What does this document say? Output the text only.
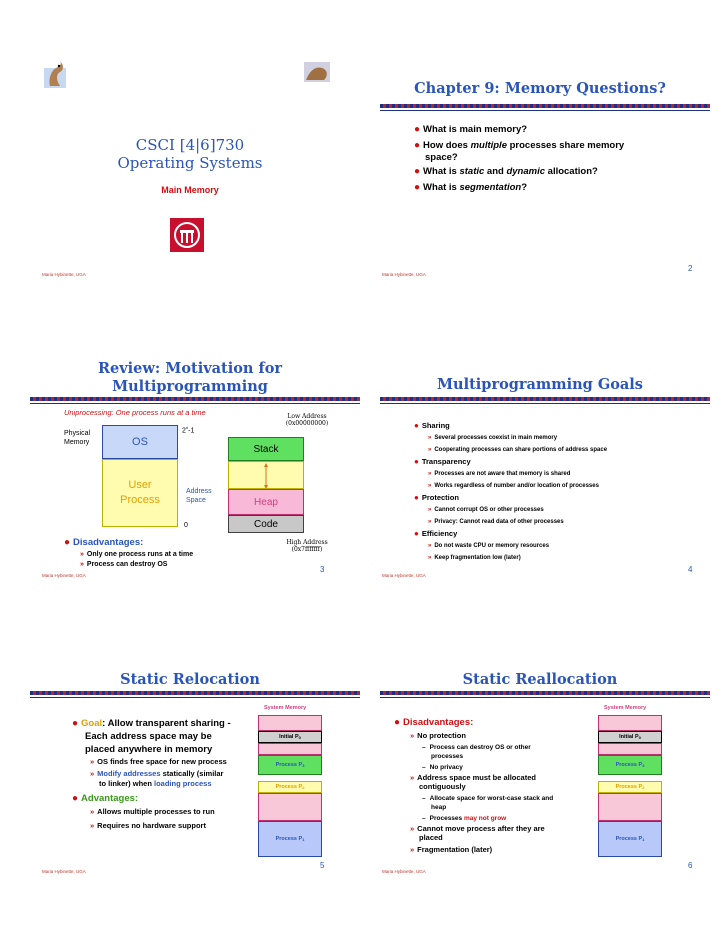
CSCI [4|6]730
Operating Systems
Main Memory
Maria Hybinette, UGA
Chapter 9: Memory Questions?
● What is main memory?
● How does multiple processes share memory
space?
● What is static and dynamic allocation?
● What is segmentation?
2
Maria Hybinette, UGA
Review: Motivation for
Multiprogramming
Uniprocessing: One process runs at a time	Low Address
(0x00000000)
2$^n$-1
Physical
Memory	OS
User
Process
0
Address
Space
Stack
Heap
Code
● Disadvantages:	High Address
(0x7fffffff)
» Only one process runs at a time
» Process can destroy OS
3
Maria Hybinette, UGA
Multiprogramming Goals
● Sharing
» Several processes coexist in main memory
» Cooperating processes can share portions of address space
● Transparency
» Processes are not aware that memory is shared
» Works regardless of number and/or location of processes
● Protection
» Cannot corrupt OS or other processes
» Privacy: Cannot read data of other processes
● Efficiency
» Do not waste CPU or memory resources
» Keep fragmentation low (later)
4
Maria Hybinette, UGA
Static Relocation
System Memory
Initial P 0
Process P 3
Process P 2
Process P 1
● Goal: Allow transparent sharing -
Each address space may be
placed anywhere in memory
» OS finds free space for new process
» Modify addresses statically (similar
to linker) when loading process
● Advantages:
» Allows multiple processes to run
» Requires no hardware support
5
Maria Hybinette, UGA
Static Reallocation
System Memory
Initial P 0
Process P 3
Process P 2
Process P 1
● Disadvantages:
» No protection
– Process can destroy OS or other
processes
– No privacy
» Address space must be allocated
contiguously
– Allocate space for worst-case stack and
heap
– Processes may not grow
» Cannot move process after they are
placed
» Fragmentation (later)
6
Maria Hybinette, UGA
